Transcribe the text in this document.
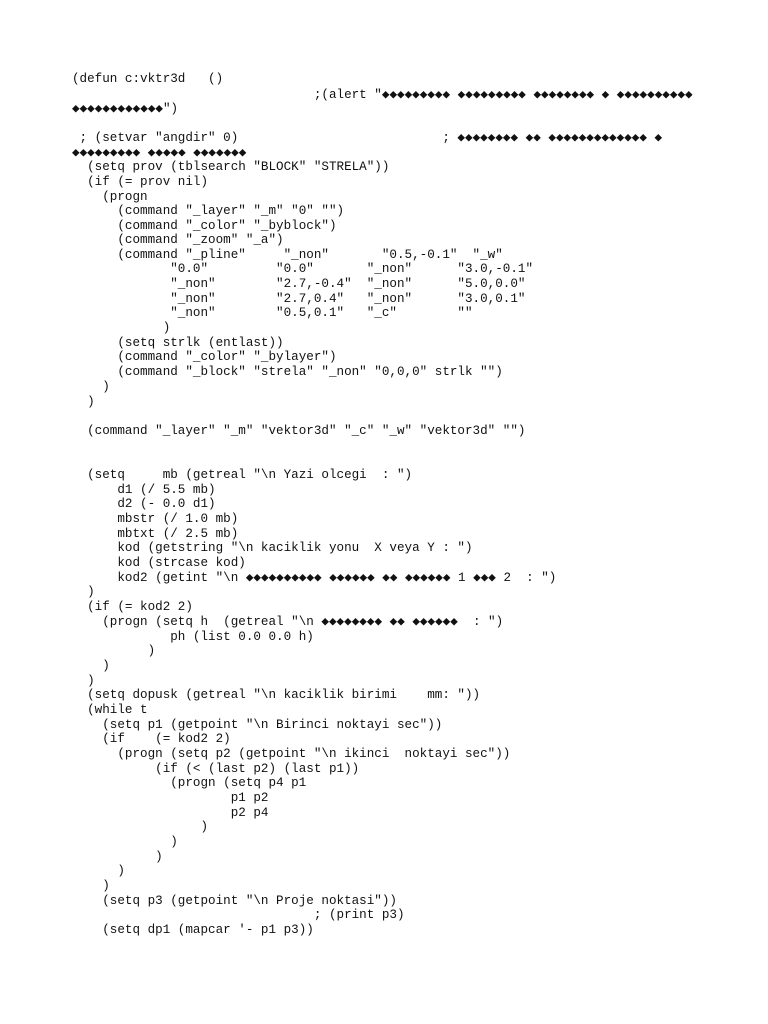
(defun c:vktr3d   ()
;(alert "◆◆◆◆◆◆◆◆◆ ◆◆◆◆◆◆◆◆◆ ◆◆◆◆◆◆◆◆ ◆ ◆◆◆◆◆◆◆◆◆◆
◆◆◆◆◆◆◆◆◆◆◆◆")
; (setvar "angdir" 0)                           ; ◆◆◆◆◆◆◆◆ ◆◆ ◆◆◆◆◆◆◆◆◆◆◆◆◆ ◆
◆◆◆◆◆◆◆◆◆ ◆◆◆◆◆ ◆◆◆◆◆◆◆
(setq prov (tblsearch "BLOCK" "STRELA"))
(if (= prov nil)
(progn
(command "_layer" "_m" "0" "")
(command "_color" "_byblock")
(command "_zoom" "_a")
(command "_pline"     "_non"       "0.5,-0.1"  "_w"
"0.0"         "0.0"       "_non"      "3.0,-0.1"
"_non"        "2.7,-0.4"  "_non"      "5.0,0.0"
"_non"        "2.7,0.4"   "_non"      "3.0,0.1"
"_non"        "0.5,0.1"   "_c"        ""
)
(setq strlk (entlast))
(command "_color" "_bylayer")
(command "_block" "strela" "_non" "0,0,0" strlk "")
)
)
(command "_layer" "_m" "vektor3d" "_c" "_w" "vektor3d" "")
(setq     mb (getreal "\n Yazi olcegi  : ")
d1 (/ 5.5 mb)
d2 (- 0.0 d1)
mbstr (/ 1.0 mb)
mbtxt (/ 2.5 mb)
kod (getstring "\n kaciklik yonu  X veya Y : ")
kod (strcase kod)
kod2 (getint "\n ◆◆◆◆◆◆◆◆◆◆ ◆◆◆◆◆◆ ◆◆ ◆◆◆◆◆◆ 1 ◆◆◆ 2  : ")
)
(if (= kod2 2)
(progn (setq h  (getreal "\n ◆◆◆◆◆◆◆◆ ◆◆ ◆◆◆◆◆◆  : ")
ph (list 0.0 0.0 h)
)
)
)
(setq dopusk (getreal "\n kaciklik birimi    mm: "))
(while t
(setq p1 (getpoint "\n Birinci noktayi sec"))
(if    (= kod2 2)
(progn (setq p2 (getpoint "\n ikinci  noktayi sec"))
(if (< (last p2) (last p1))
(progn (setq p4 p1
p1 p2
p2 p4
)
)
)
)
)
(setq p3 (getpoint "\n Proje noktasi"))
; (print p3)
(setq dp1 (mapcar '- p1 p3))
